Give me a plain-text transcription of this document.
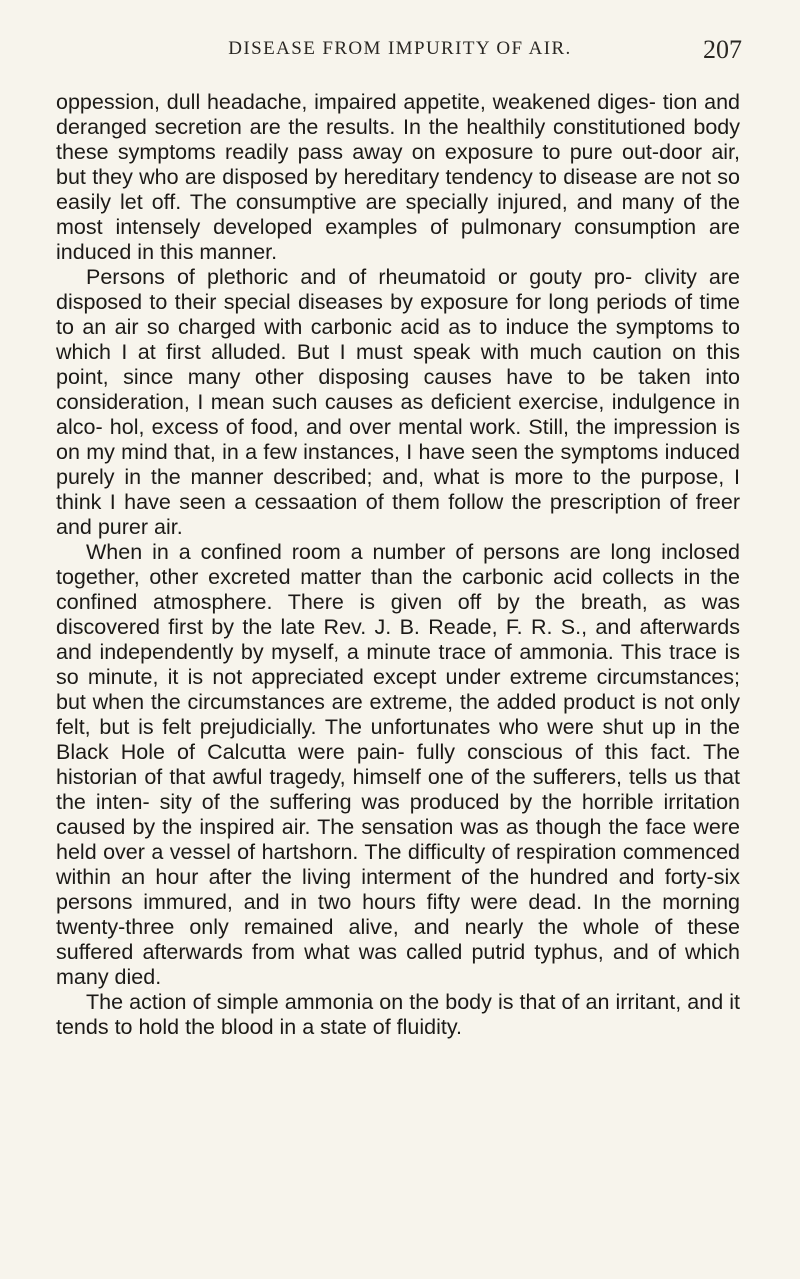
DISEASE FROM IMPURITY OF AIR.	207

oppession, dull headache, impaired appetite, weakened diges- tion and deranged secretion are the results. In the healthily constitutioned body these symptoms readily pass away on exposure to pure out-door air, but they who are disposed by hereditary tendency to disease are not so easily let off. The consumptive are specially injured, and many of the most intensely developed examples of pulmonary consumption are induced in this manner.

Persons of plethoric and of rheumatoid or gouty pro- clivity are disposed to their special diseases by exposure for long periods of time to an air so charged with carbonic acid as to induce the symptoms to which I at first alluded. But I must speak with much caution on this point, since many other disposing causes have to be taken into consideration, I mean such causes as deficient exercise, indulgence in alco- hol, excess of food, and over mental work. Still, the impression is on my mind that, in a few instances, I have seen the symptoms induced purely in the manner described; and, what is more to the purpose, I think I have seen a cessaation of them follow the prescription of freer and purer air.

When in a confined room a number of persons are long inclosed together, other excreted matter than the carbonic acid collects in the confined atmosphere. There is given off by the breath, as was discovered first by the late Rev. J. B. Reade, F. R. S., and afterwards and independently by myself, a minute trace of ammonia. This trace is so minute, it is not appreciated except under extreme circumstances; but when the circumstances are extreme, the added product is not only felt, but is felt prejudicially. The unfortunates who were shut up in the Black Hole of Calcutta were pain- fully conscious of this fact. The historian of that awful tragedy, himself one of the sufferers, tells us that the inten- sity of the suffering was produced by the horrible irritation caused by the inspired air. The sensation was as though the face were held over a vessel of hartshorn. The difficulty of respiration commenced within an hour after the living interment of the hundred and forty-six persons immured, and in two hours fifty were dead. In the morning twenty-three only remained alive, and nearly the whole of these suffered afterwards from what was called putrid typhus, and of which many died.

The action of simple ammonia on the body is that of an irritant, and it tends to hold the blood in a state of fluidity.
